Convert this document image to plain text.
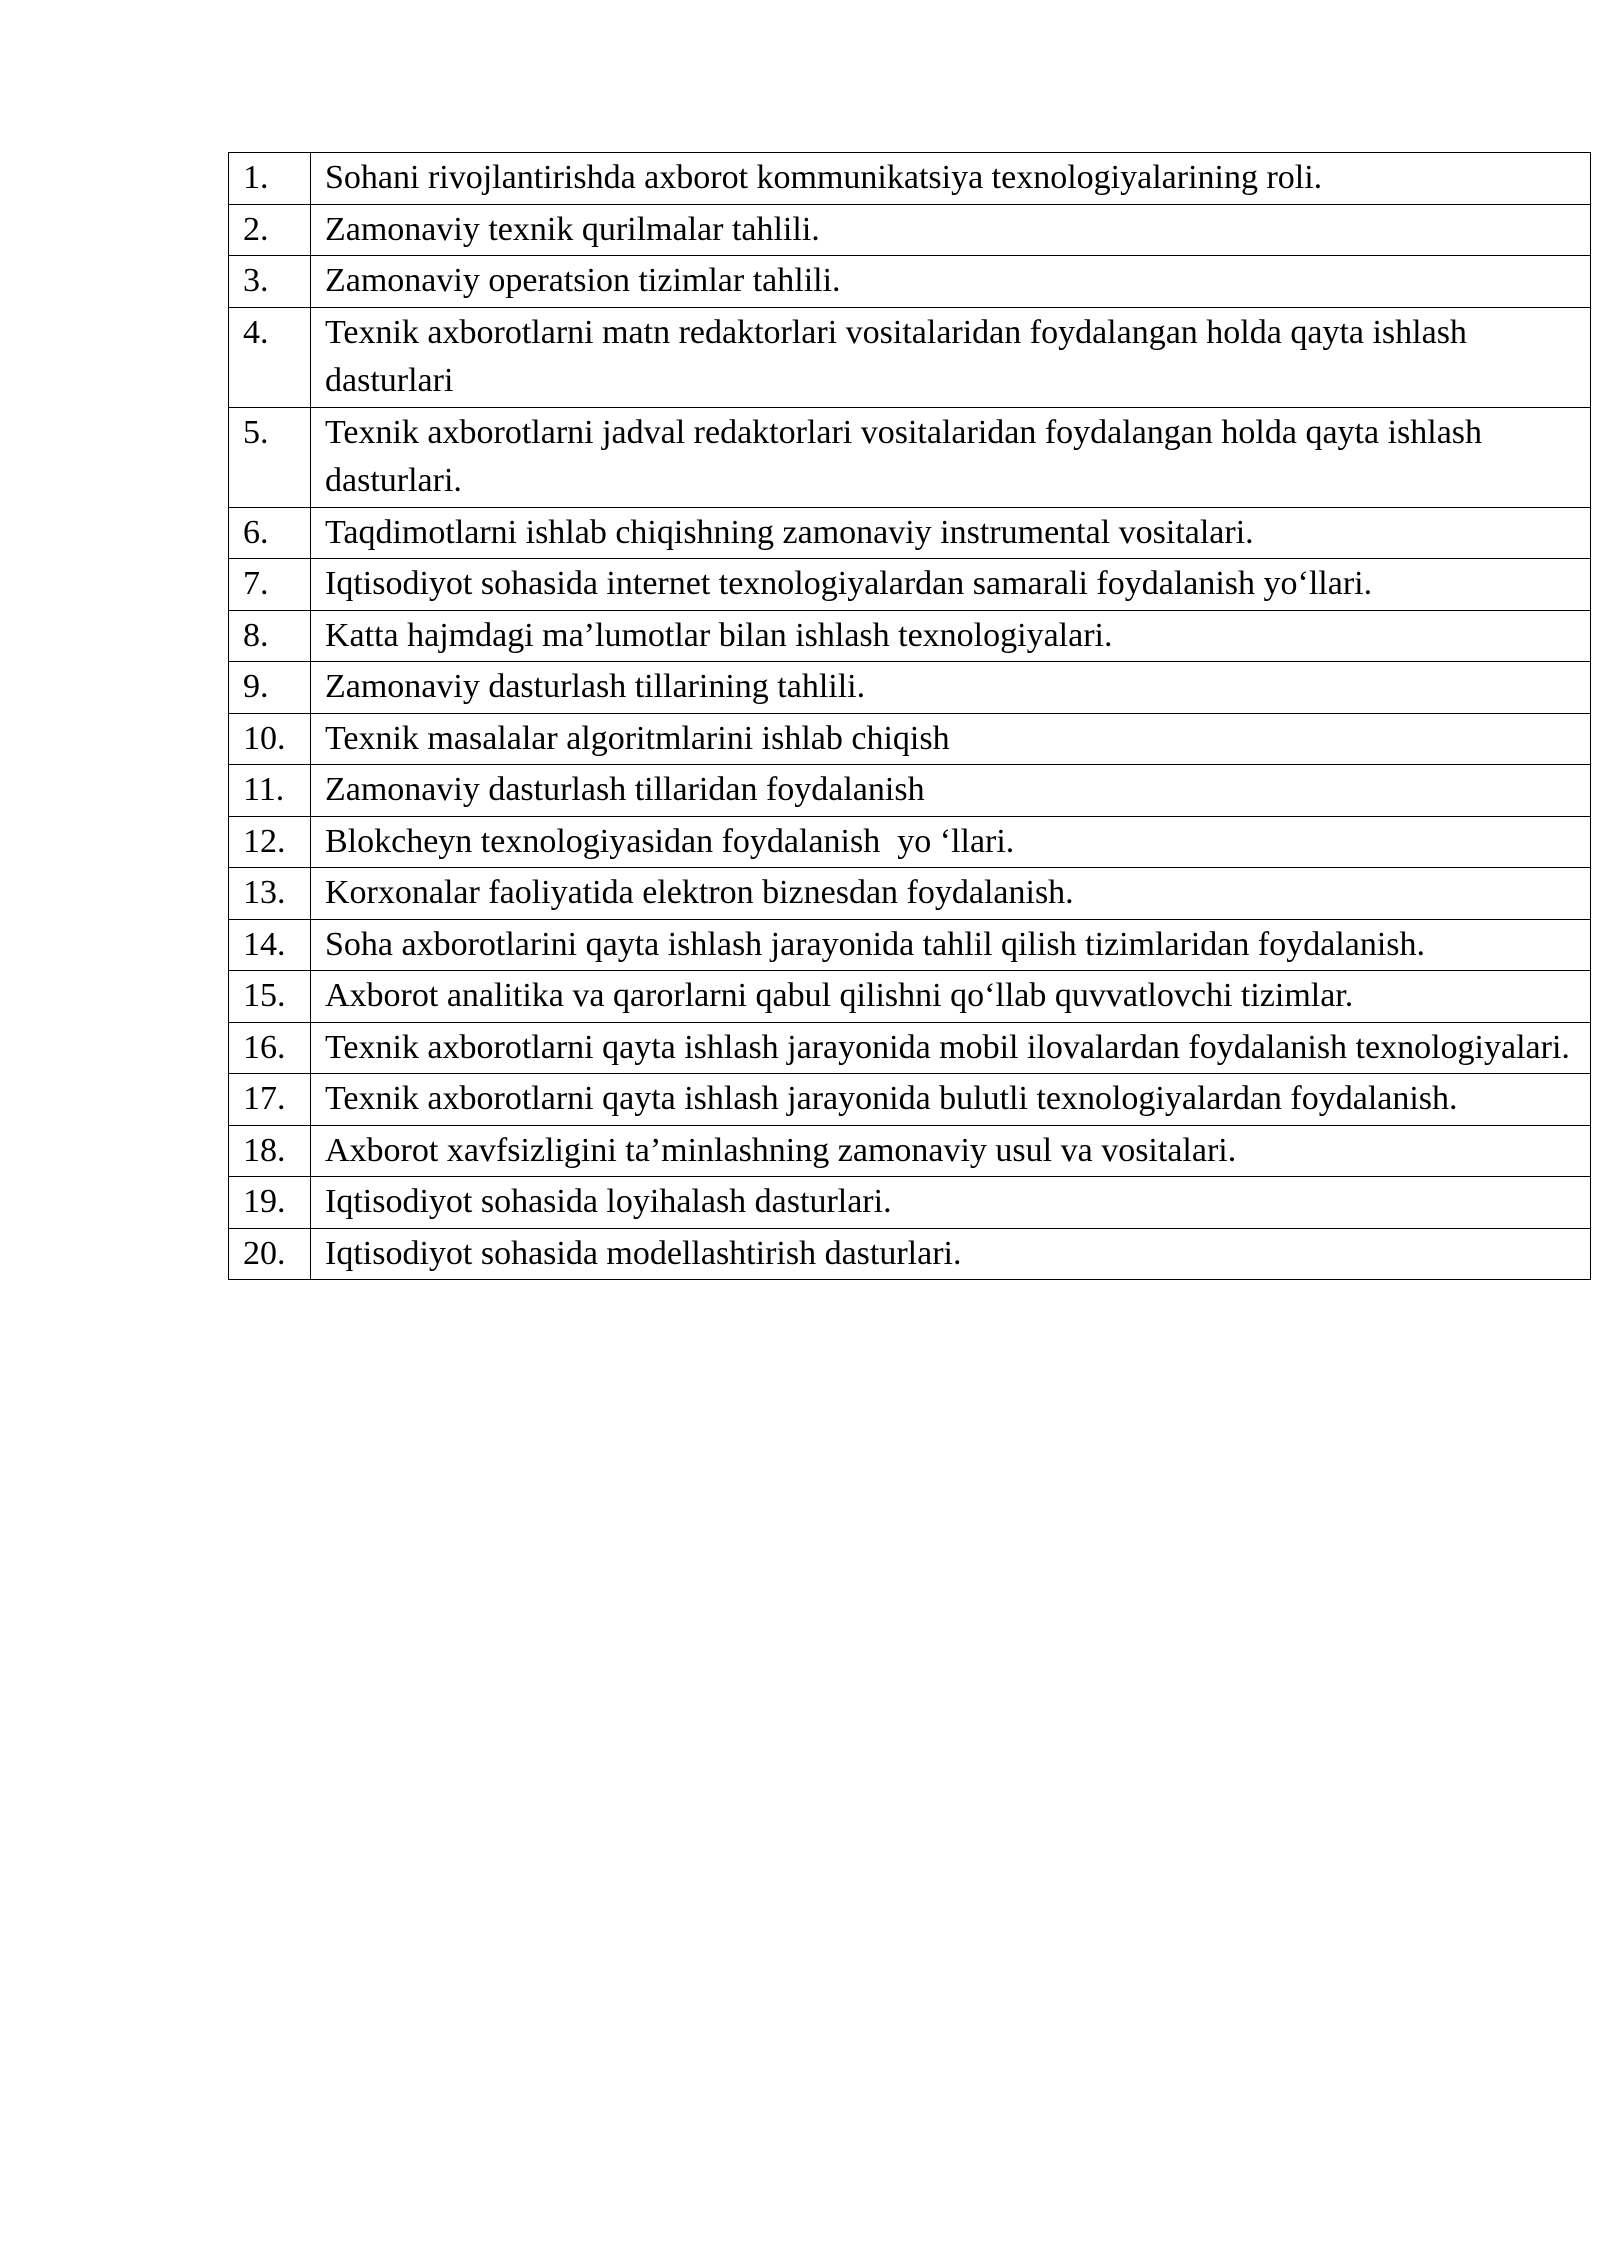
1.	Sohani rivojlantirishda axborot kommunikatsiya texnologiyalarining roli.
2.	Zamonaviy texnik qurilmalar tahlili.
3.	Zamonaviy operatsion tizimlar tahlili.
4.	Texnik axborotlarni matn redaktorlari vositalaridan foydalangan holda qayta ishlash dasturlari
5.	Texnik axborotlarni jadval redaktorlari vositalaridan foydalangan holda qayta ishlash dasturlari.
6.	Taqdimotlarni ishlab chiqishning zamonaviy instrumental vositalari.
7.	Iqtisodiyot sohasida internet texnologiyalardan samarali foydalanish yo‘llari.
8.	Katta hajmdagi ma’lumotlar bilan ishlash texnologiyalari.
9.	Zamonaviy dasturlash tillarining tahlili.
10.	Texnik masalalar algoritmlarini ishlab chiqish
11.	Zamonaviy dasturlash tillaridan foydalanish
12.	Blokcheyn texnologiyasidan foydalanish  yo ‘llari.
13.	Korxonalar faoliyatida elektron biznesdan foydalanish.
14.	Soha axborotlarini qayta ishlash jarayonida tahlil qilish tizimlaridan foydalanish.
15.	Axborot analitika va qarorlarni qabul qilishni qo‘llab quvvatlovchi tizimlar.
16.	Texnik axborotlarni qayta ishlash jarayonida mobil ilovalardan foydalanish texnologiyalari.
17.	Texnik axborotlarni qayta ishlash jarayonida bulutli texnologiyalardan foydalanish.
18.	Axborot xavfsizligini ta’minlashning zamonaviy usul va vositalari.
19.	Iqtisodiyot sohasida loyihalash dasturlari.
20.	Iqtisodiyot sohasida modellashtirish dasturlari.
